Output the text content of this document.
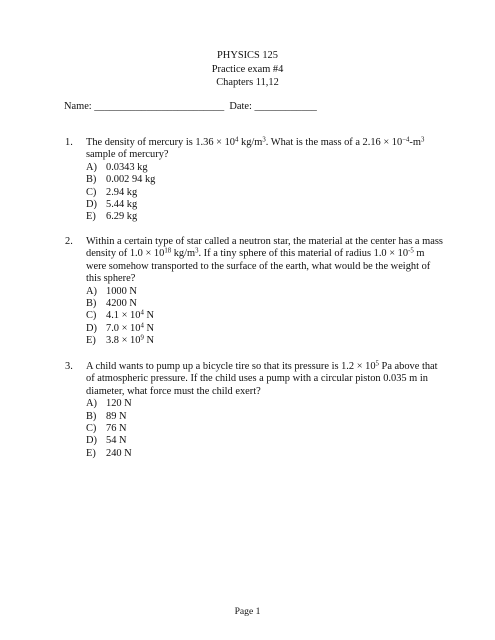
PHYSICS 125
Practice exam #4
Chapters 11,12
Name: _________________________  Date: ____________
1. The density of mercury is $1.36 \times 10^4$ $kg/m^3$. What is the mass of a $2.16 \times 10^{-4}-m^3$ sample of mercury?
A) 0.0343 kg
B) 0.002 94 kg
C) 2.94 kg
D) 5.44 kg
E) 6.29 kg
2. Within a certain type of star called a neutron star, the material at the center has a mass density of $1.0 \times 10^{18}$ $kg/m^3$. If a tiny sphere of this material of radius $1.0 \times 10^{-5}$ m were somehow transported to the surface of the earth, what would be the weight of this sphere?
A) 1000 N
B) 4200 N
C) $4.1 \times 10^4$ N
D) $7.0 \times 10^4$ N
E) $3.8 \times 10^9$ N
3. A child wants to pump up a bicycle tire so that its pressure is $1.2 \times 10^5$ Pa above that of atmospheric pressure. If the child uses a pump with a circular piston 0.035 m in diameter, what force must the child exert?
A) 120 N
B) 89 N
C) 76 N
D) 54 N
E) 240 N
Page 1
